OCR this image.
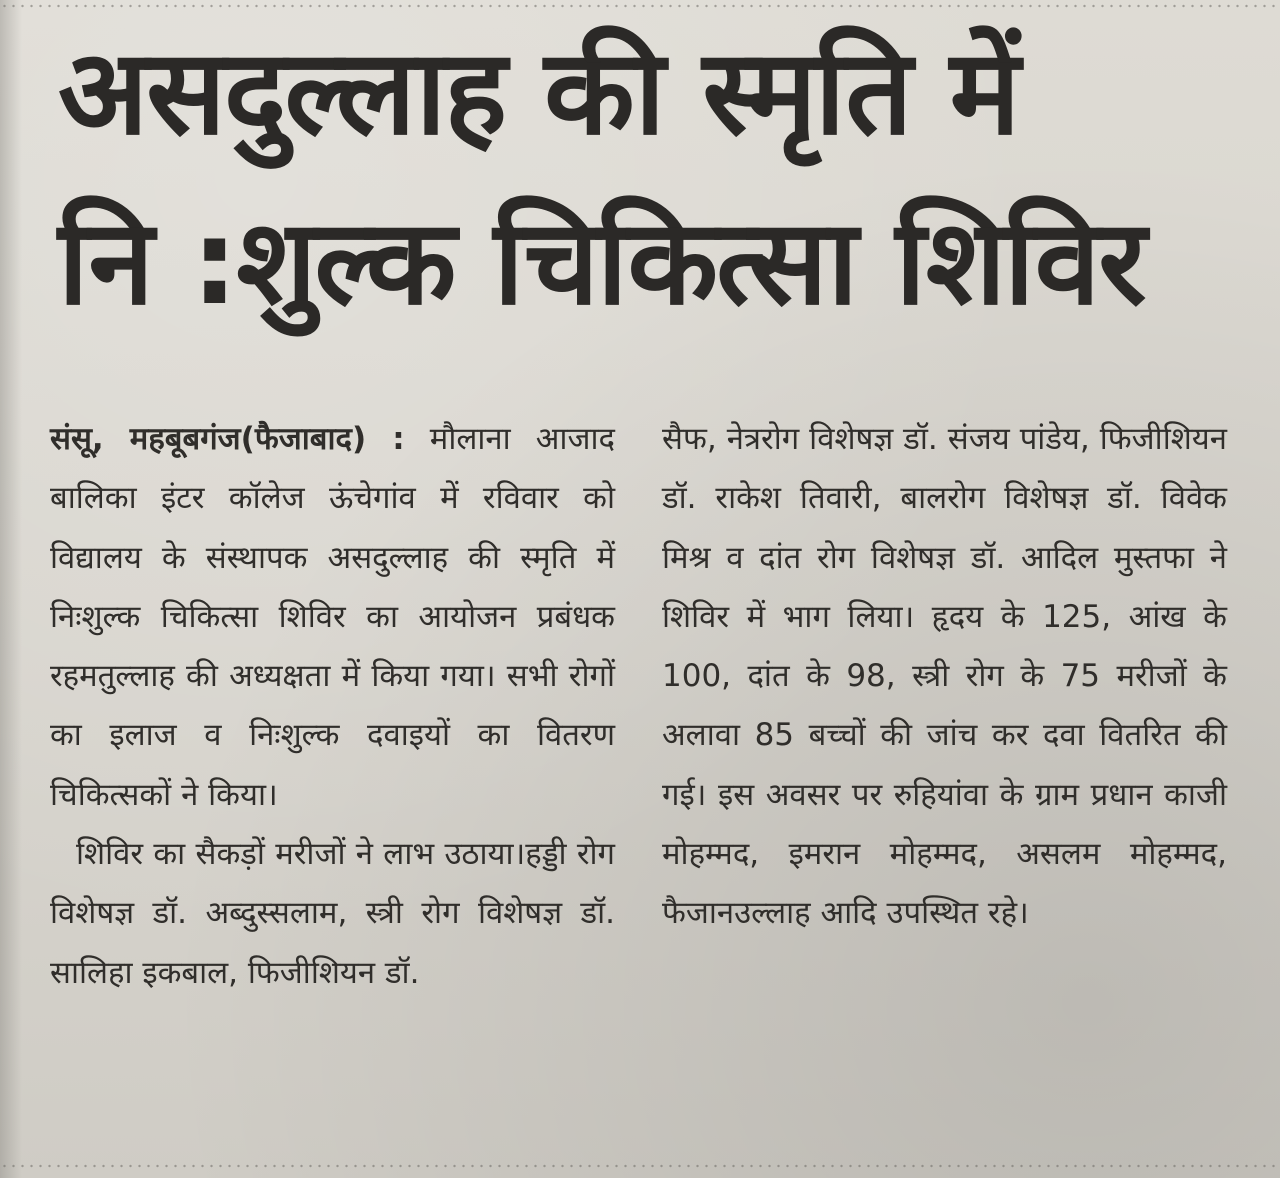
असदुल्लाह की स्मृति में
नि :शुल्क चिकित्सा शिविर

संसू, महबूबगंज(फैजाबाद) : मौलाना आजाद बालिका इंटर कॉलेज ऊंचेगांव में रविवार को विद्यालय के संस्थापक असदुल्लाह की स्मृति में निःशुल्क चिकित्सा शिविर का आयोजन प्रबंधक रहमतुल्लाह की अध्यक्षता में किया गया। सभी रोगों का इलाज व निःशुल्क दवाइयों का वितरण चिकित्सकों ने किया।

शिविर का सैकड़ों मरीजों ने लाभ उठाया।हड्डी रोग विशेषज्ञ डॉ. अब्दुस्सलाम, स्त्री रोग विशेषज्ञ डॉ. सालिहा इकबाल, फिजीशियन डॉ.

सैफ, नेत्ररोग विशेषज्ञ डॉ. संजय पांडेय, फिजीशियन डॉ. राकेश तिवारी, बालरोग विशेषज्ञ डॉ. विवेक मिश्र व दांत रोग विशेषज्ञ डॉ. आदिल मुस्तफा ने शिविर में भाग लिया। हृदय के 125, आंख के 100, दांत के 98, स्त्री रोग के 75 मरीजों के अलावा 85 बच्चों की जांच कर दवा वितरित की गई। इस अवसर पर रुहियांवा के ग्राम प्रधान काजी मोहम्मद, इमरान मोहम्मद, असलम मोहम्मद, फैजानउल्लाह आदि उपस्थित रहे।
